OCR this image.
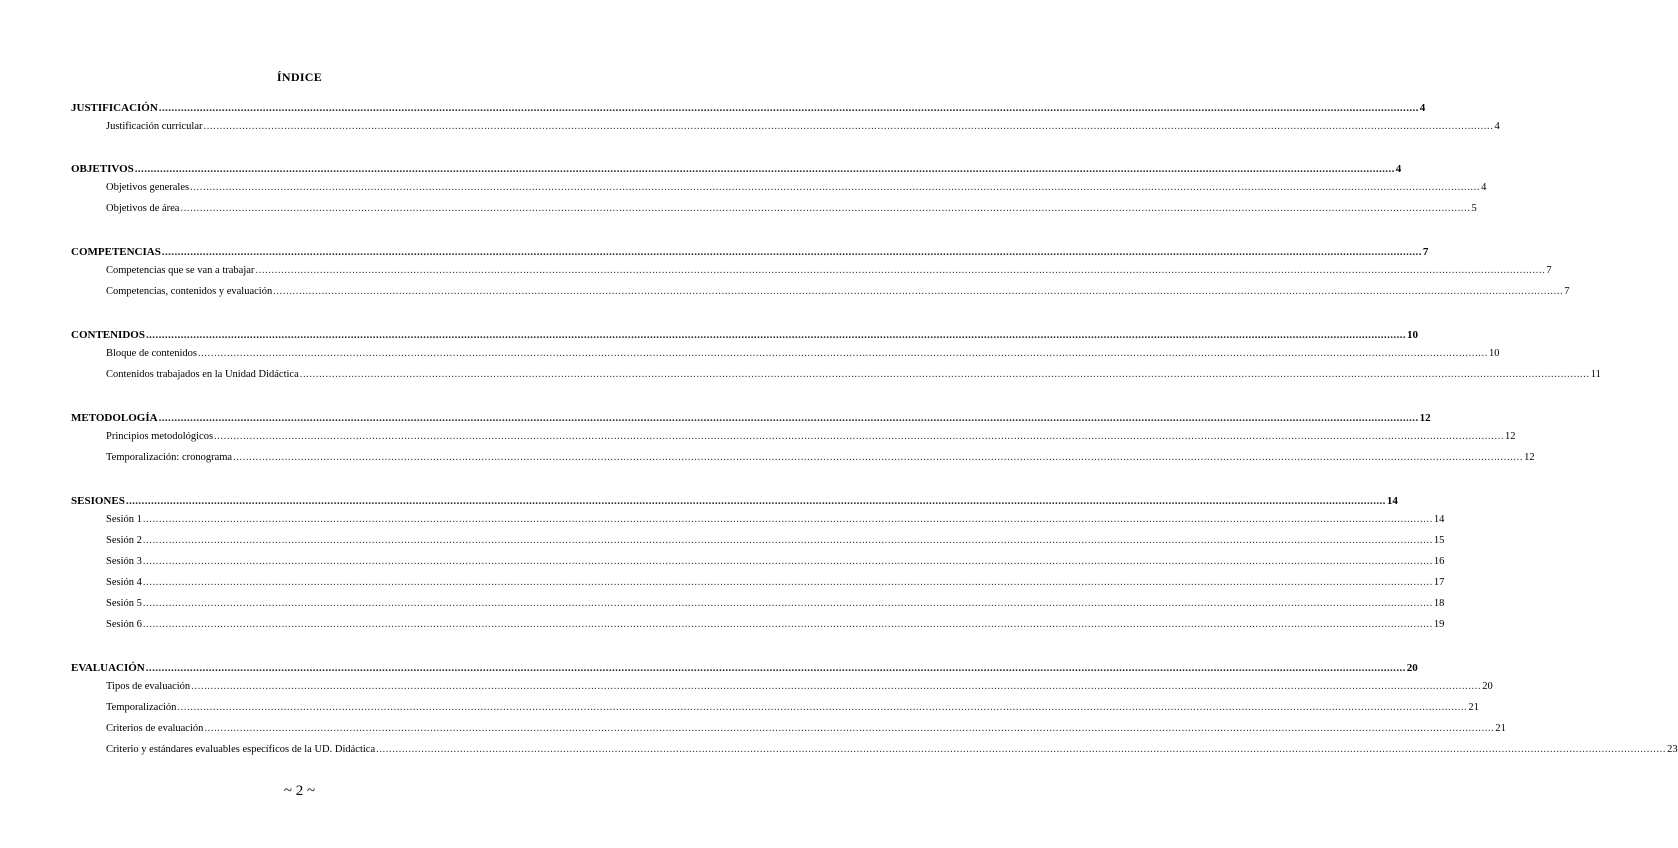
ÍNDICE
JUSTIFICACIÓN ................................................................................................................................................................................................................................................................................................................................................................................................................ 4
Justificación curricular ................................................................................................................................................................................................................................................................................................................................................................................................................ 4
OBJETIVOS ................................................................................................................................................................................................................................................................................................................................................................................................................ 4
Objetivos generales ................................................................................................................................................................................................................................................................................................................................................................................................................ 4
Objetivos de área ................................................................................................................................................................................................................................................................................................................................................................................................................ 5
COMPETENCIAS ................................................................................................................................................................................................................................................................................................................................................................................................................ 7
Competencias que se van a trabajar ................................................................................................................................................................................................................................................................................................................................................................................................................ 7
Competencias, contenidos y evaluación ................................................................................................................................................................................................................................................................................................................................................................................................................ 7
CONTENIDOS ................................................................................................................................................................................................................................................................................................................................................................................................................ 10
Bloque de contenidos ................................................................................................................................................................................................................................................................................................................................................................................................................ 10
Contenidos trabajados en la Unidad Didáctica ................................................................................................................................................................................................................................................................................................................................................................................................................ 11
METODOLOGÍA ................................................................................................................................................................................................................................................................................................................................................................................................................ 12
Principios metodológicos ................................................................................................................................................................................................................................................................................................................................................................................................................ 12
Temporalización: cronograma ................................................................................................................................................................................................................................................................................................................................................................................................................ 12
SESIONES ................................................................................................................................................................................................................................................................................................................................................................................................................ 14
Sesión 1 ................................................................................................................................................................................................................................................................................................................................................................................................................ 14
Sesión 2 ................................................................................................................................................................................................................................................................................................................................................................................................................ 15
Sesión 3 ................................................................................................................................................................................................................................................................................................................................................................................................................ 16
Sesión 4 ................................................................................................................................................................................................................................................................................................................................................................................................................ 17
Sesión 5 ................................................................................................................................................................................................................................................................................................................................................................................................................ 18
Sesión 6 ................................................................................................................................................................................................................................................................................................................................................................................................................ 19
EVALUACIÓN ................................................................................................................................................................................................................................................................................................................................................................................................................ 20
Tipos de evaluación ................................................................................................................................................................................................................................................................................................................................................................................................................ 20
Temporalización ................................................................................................................................................................................................................................................................................................................................................................................................................ 21
Criterios de evaluación ................................................................................................................................................................................................................................................................................................................................................................................................................ 21
Criterio y estándares evaluables específicos de la UD. Didáctica ................................................................................................................................................................................................................................................................................................................................................................................................................ 23
~ 2 ~
